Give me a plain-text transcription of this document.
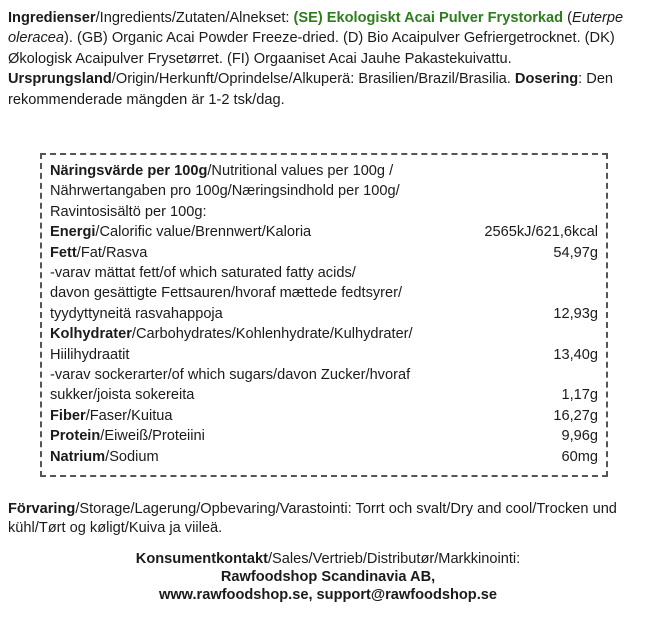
Ingredienser/Ingredients/Zutaten/Alnekset: (SE) Ekologiskt Acai Pulver Frystorkad (Euterpe oleracea). (GB) Organic Acai Powder Freeze-dried. (D) Bio Acaipulver Gefriergetrocknet. (DK) Økologisk Acaipulver Frysetørret. (FI) Orgaaniset Acai Jauhe Pakastekuivattu. Ursprungsland/Origin/Herkunft/Oprindelse/Alkuperä: Brasilien/Brazil/Brasilia. Dosering: Den rekommenderade mängden är 1-2 tsk/dag.
Näringsvärde per 100g/Nutritional values per 100g /
Nährwertangaben pro 100g/Næringsindhold per 100g/
Ravintosisältö per 100g:
Energi/Calorific value/Brennwert/Kaloria	2565kJ/621,6kcal
Fett/Fat/Rasva	54,97g
-varav mättat fett/of which saturated fatty acids/
davon gesättigte Fettsauren/hvoraf mættede fedtsyrer/
tyydyttyneitä rasvahappoja	12,93g
Kolhydrater/Carbohydrates/Kohlenhydrate/Kulhydrater/
Hiilihydraatit	13,40g
-varav sockerarter/of which sugars/davon Zucker/hvoraf
sukker/joista sokereita	1,17g
Fiber/Faser/Kuitua	16,27g
Protein/Eiweiß/Proteiini	9,96g
Natrium/Sodium	60mg
Förvaring/Storage/Lagerung/Opbevaring/Varastointi: Torrt och svalt/Dry and cool/Trocken und kühl/Tørt og køligt/Kuiva ja viileä.
Konsumentkontakt/Sales/Vertrieb/Distributør/Markkinointi:
Rawfoodshop Scandinavia AB,
www.rawfoodshop.se, support@rawfoodshop.se
